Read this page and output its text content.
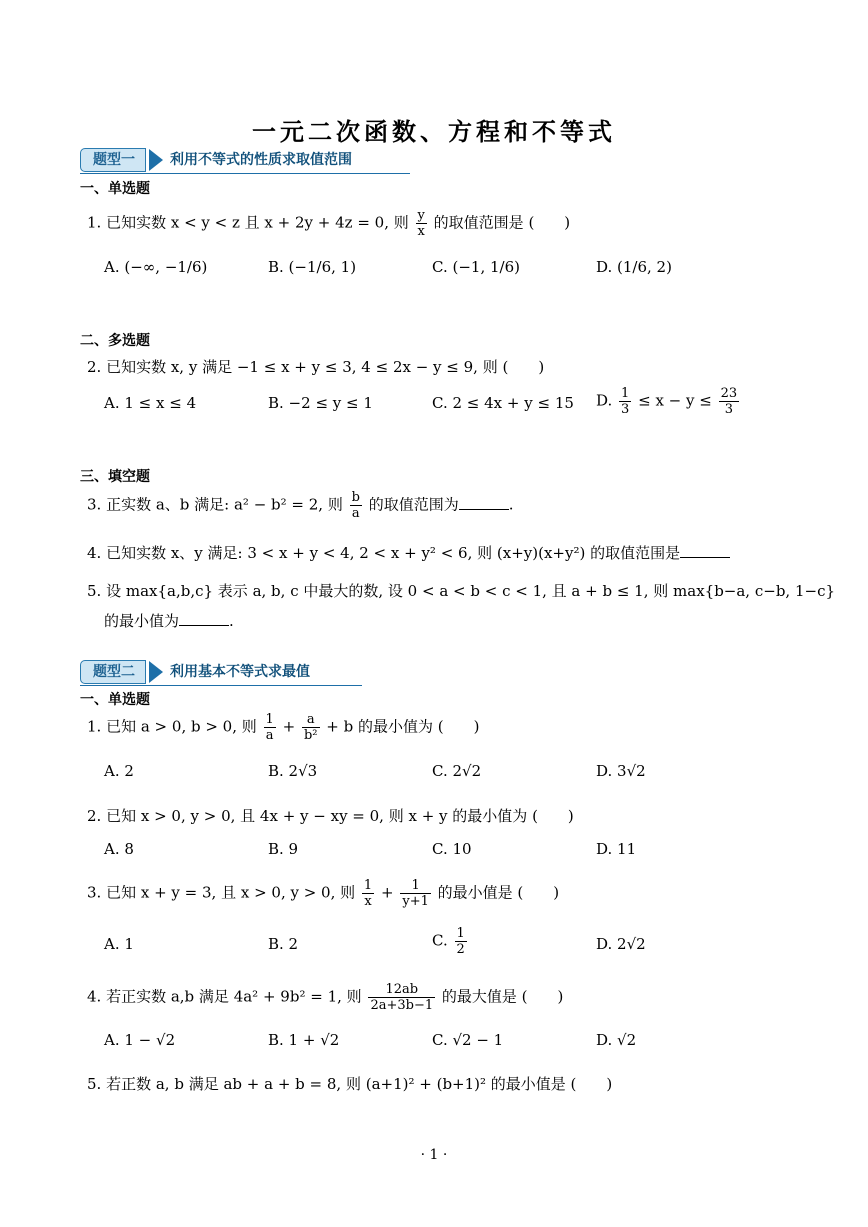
一元二次函数、方程和不等式
题型一	利用不等式的性质求取值范围
一、单选题
1. 已知实数 x < y < z 且 x + 2y + 4z = 0, 则 $\frac{y}{x}$ 的取值范围是 (　　)
A. (−∞, −1/6)	B. (−1/6, 1)	C. (−1, 1/6)	D. (1/6, 2)
二、多选题
2. 已知实数 x, y 满足 −1 ≤ x + y ≤ 3, 4 ≤ 2x − y ≤ 9, 则 (　　)
A. 1 ≤ x ≤ 4	B. −2 ≤ y ≤ 1	C. 2 ≤ 4x + y ≤ 15 D. $\frac{1}{3} \le x - y \le \frac{23}{3}$
三、填空题
3. 正实数 a、b 满足: a² − b² = 2, 则 $\frac{b}{a}$ 的取值范围为	.
4. 已知实数 x、y 满足: 3 < x + y < 4, 2 < x + y² < 6, 则 (x+y)(x+y²) 的取值范围是
5. 设 max{a,b,c} 表示 a, b, c 中最大的数, 设 0 < a < b < c < 1, 且 a + b ≤ 1, 则 max{b−a, c−b, 1−c}
的最小值为	.
题型二	利用基本不等式求最值
一、单选题
1. 已知 a > 0, b > 0, 则 $\frac{1}{a} + \frac{a}{\text{b²}} + b$ 的最小值为 (　　)
A. 2	B. 2√3	C. 2√2	D. 3√2
2. 已知 x > 0, y > 0, 且 4x + y − xy = 0, 则 x + y 的最小值为 (　　)
A. 8	B. 9	C. 10	D. 11
3. 已知 x + y = 3, 且 x > 0, y > 0, 则 $\frac{1}{x} + \frac{1}{y+1}$ 的最小值是 (　　)
A. 1	B. 2	C. $\frac{1}{2}$	D. 2√2
4. 若正实数 a,b 满足 4a² + 9b² = 1, 则 $\frac{12ab}{2a+3b-1}$ 的最大值是 (　　)
A. 1 − √2	B. 1 + √2	C. √2 − 1	D. √2
5. 若正数 a, b 满足 ab + a + b = 8, 则 (a+1)² + (b+1)² 的最小值是 (　　)
· 1 ·
